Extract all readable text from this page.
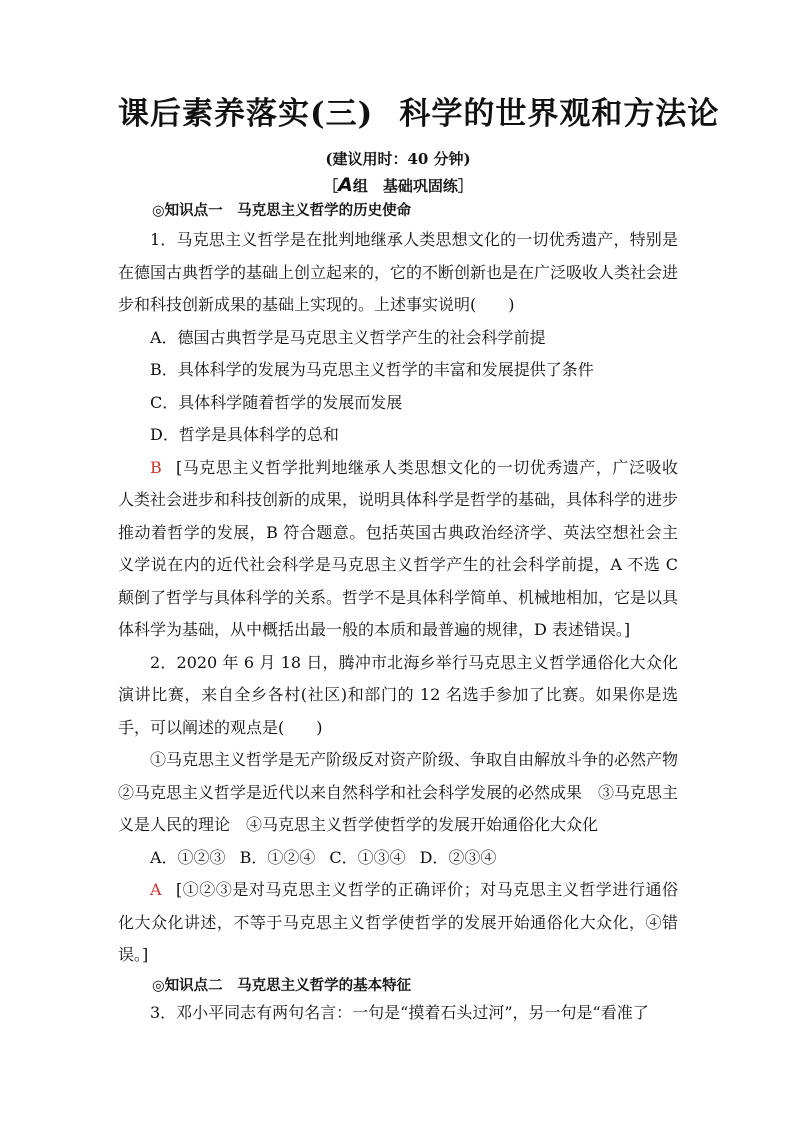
课后素养落实(三) 科学的世界观和方法论
(建议用时：40 分钟)
［A组　基础巩固练］
◎知识点一　马克思主义哲学的历史使命

1．马克思主义哲学是在批判地继承人类思想文化的一切优秀遗产，特别是在德国古典哲学的基础上创立起来的，它的不断创新也是在广泛吸收人类社会进步和科技创新成果的基础上实现的。上述事实说明(　　)

A．德国古典哲学是马克思主义哲学产生的社会科学前提

B．具体科学的发展为马克思主义哲学的丰富和发展提供了条件

C．具体科学随着哲学的发展而发展

D．哲学是具体科学的总和

B [马克思主义哲学批判地继承人类思想文化的一切优秀遗产，广泛吸收人类社会进步和科技创新的成果，说明具体科学是哲学的基础，具体科学的进步推动着哲学的发展，B 符合题意。包括英国古典政治经济学、英法空想社会主义学说在内的近代社会科学是马克思主义哲学产生的社会科学前提，A 不选 C 颠倒了哲学与具体科学的关系。哲学不是具体科学简单、机械地相加，它是以具体科学为基础，从中概括出最一般的本质和最普遍的规律，D 表述错误。]

2．2020 年 6 月 18 日，腾冲市北海乡举行马克思主义哲学通俗化大众化演讲比赛，来自全乡各村(社区)和部门的 12 名选手参加了比赛。如果你是选手，可以阐述的观点是(　　)

①马克思主义哲学是无产阶级反对资产阶级、争取自由解放斗争的必然产物　②马克思主义哲学是近代以来自然科学和社会科学发展的必然成果　③马克思主义是人民的理论　④马克思主义哲学使哲学的发展开始通俗化大众化

A．①②③ B．①②④ C．①③④ D．②③④

A [①②③是对马克思主义哲学的正确评价；对马克思主义哲学进行通俗化大众化讲述，不等于马克思主义哲学使哲学的发展开始通俗化大众化，④错误。]

◎知识点二　马克思主义哲学的基本特征

3．邓小平同志有两句名言：一句是“摸着石头过河”，另一句是“看准了
